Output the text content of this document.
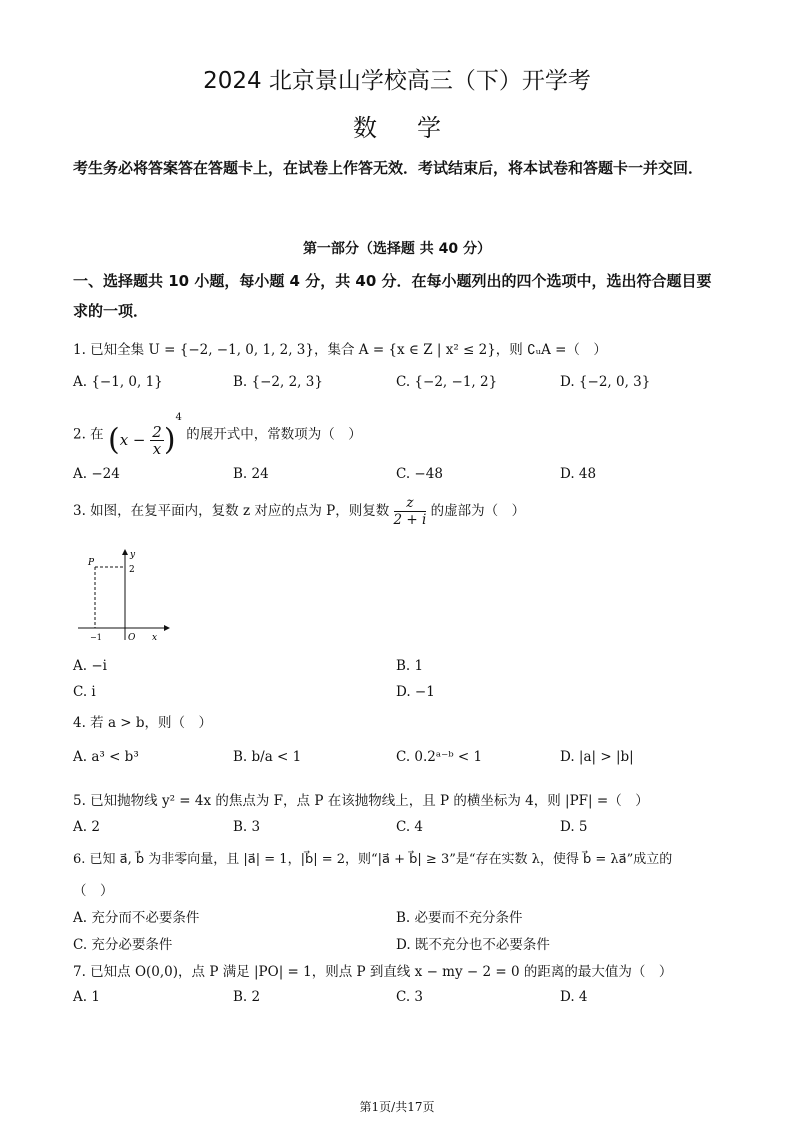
2024 北京景山学校高三（下）开学考
数学
考生务必将答案答在答题卡上，在试卷上作答无效．考试结束后，将本试卷和答题卡一并交回．
第一部分（选择题 共 40 分）
一、选择题共 10 小题，每小题 4 分，共 40 分．在每小题列出的四个选项中，选出符合题目要求的一项．
1. 已知全集 U = {−2, −1, 0, 1, 2, 3}，集合 A = {x ∈ Z | x² ≤ 2}，则 ∁ᵤA =（　）
A. {−1, 0, 1}	B. {−2, 2, 3}	C. {−2, −1, 2}	D. {−2, 0, 3}
2. 在 $(x - \frac{2}{x} )^4$ 的展开式中，常数项为（　）
A. −24	B. 24	C. −48	D. 48
3. 如图，在复平面内，复数 z 对应的点为 P，则复数 $\frac{z}{2 + i}$ 的虚部为（　）
y
2
P
−1	O x
A. −i	B. 1
C. i	D. −1
4. 若 a > b，则（　）
A. a³ < b³	B. b/a < 1	C. 0.2ᵃ⁻ᵇ < 1	D. |a| > |b|
5. 已知抛物线 y² = 4x 的焦点为 F，点 P 在该抛物线上，且 P 的横坐标为 4，则 |PF| =（　）
A. 2	B. 3	C. 4	D. 5
6. 已知 a⃗, b⃗ 为非零向量，且 |a⃗| = 1，|b⃗| = 2，则“|a⃗ + b⃗| ≥ 3”是“存在实数 λ，使得 b⃗ = λa⃗”成立的
（　）
A. 充分而不必要条件	B. 必要而不充分条件
C. 充分必要条件	D. 既不充分也不必要条件
7. 已知点 O(0,0)，点 P 满足 |PO| = 1，则点 P 到直线 x − my − 2 = 0 的距离的最大值为（　）
A. 1	B. 2	C. 3	D. 4
第1页/共17页
